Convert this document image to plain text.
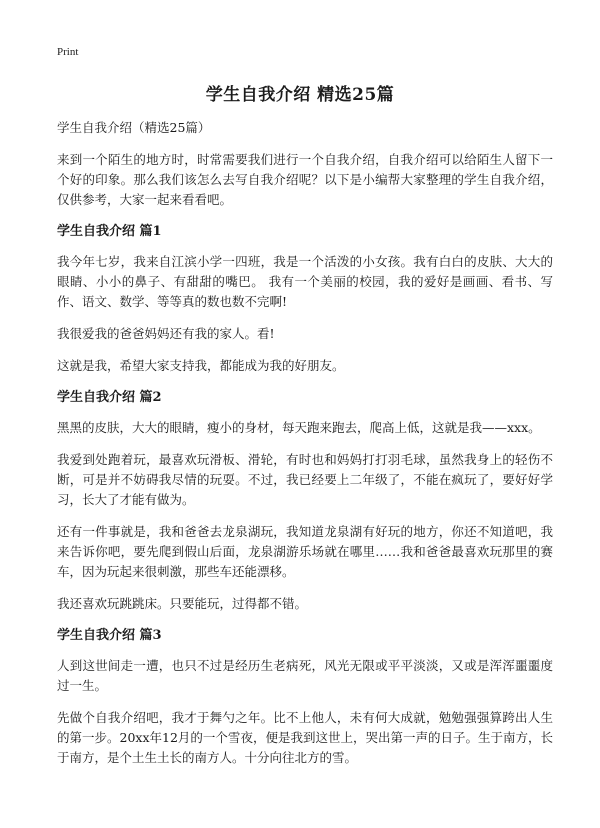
Print
学生自我介绍 精选25篇

学生自我介绍（精选25篇）

来到一个陌生的地方时，时常需要我们进行一个自我介绍，自我介绍可以给陌生人留下一个好的印象。那么我们该怎么去写自我介绍呢？以下是小编帮大家整理的学生自我介绍，仅供参考，大家一起来看看吧。

学生自我介绍 篇1

我今年七岁，我来自江滨小学一四班，我是一个活泼的小女孩。我有白白的皮肤、大大的眼睛、小小的鼻子、有甜甜的嘴巴。 我有一个美丽的校园，我的爱好是画画、看书、写作、语文、数学、等等真的数也数不完啊!

我很爱我的爸爸妈妈还有我的家人。看!

这就是我，希望大家支持我，都能成为我的好朋友。

学生自我介绍 篇2

黑黑的皮肤，大大的眼睛，瘦小的身材，每天跑来跑去，爬高上低，这就是我——xxx。

我爱到处跑着玩，最喜欢玩滑板、滑轮，有时也和妈妈打打羽毛球，虽然我身上的轻伤不断，可是并不妨碍我尽情的玩耍。不过，我已经要上二年级了，不能在疯玩了，要好好学习，长大了才能有做为。

还有一件事就是，我和爸爸去龙泉湖玩，我知道龙泉湖有好玩的地方，你还不知道吧，我来告诉你吧，要先爬到假山后面，龙泉湖游乐场就在哪里……我和爸爸最喜欢玩那里的赛车，因为玩起来很刺激，那些车还能漂移。

我还喜欢玩跳跳床。只要能玩，过得都不错。

学生自我介绍 篇3

人到这世间走一遭，也只不过是经历生老病死，风光无限或平平淡淡，又或是浑浑噩噩度过一生。

先做个自我介绍吧，我才于舞勺之年。比不上他人，未有何大成就，勉勉强强算跨出人生的第一步。20xx年12月的一个雪夜，便是我到这世上，哭出第一声的日子。生于南方，长于南方，是个土生土长的南方人。十分向往北方的雪。
